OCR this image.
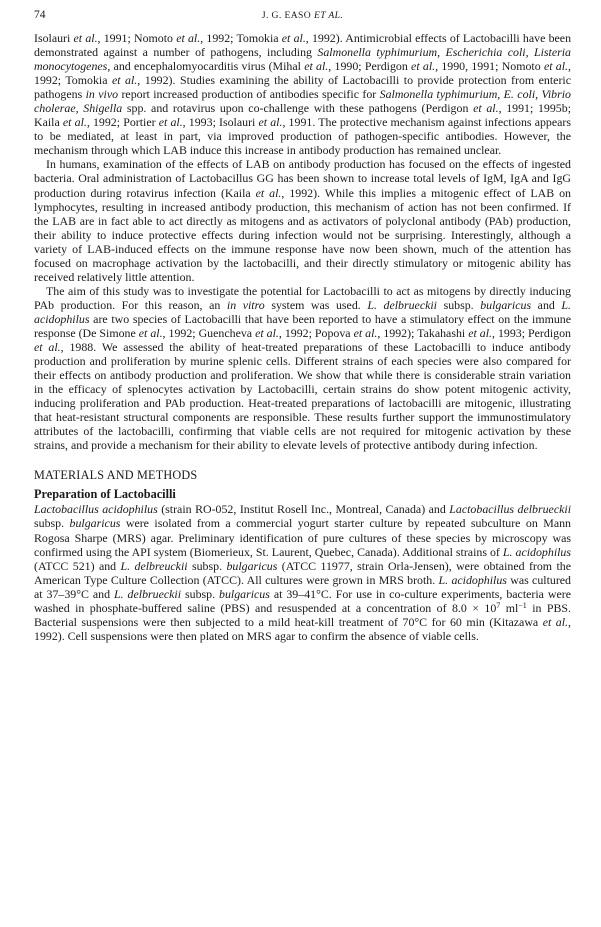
74	J. G. EASO ET AL.

Isolauri et al., 1991; Nomoto et al., 1992; Tomokia et al., 1992). Antimicrobial effects of Lactobacilli have been demonstrated against a number of pathogens, including Salmonella typhimurium, Escherichia coli, Listeria monocytogenes, and encephalomyocarditis virus (Mihal et al., 1990; Perdigon et al., 1990, 1991; Nomoto et al., 1992; Tomokia et al., 1992). Studies examining the ability of Lactobacilli to provide protection from enteric pathogens in vivo report increased production of antibodies specific for Salmonella typhimurium, E. coli, Vibrio cholerae, Shigella spp. and rotavirus upon co-challenge with these pathogens (Perdigon et al., 1991; 1995b; Kaila et al., 1992; Portier et al., 1993; Isolauri et al., 1991. The protective mechanism against infections appears to be mediated, at least in part, via improved production of pathogen-specific antibodies. However, the mechanism through which LAB induce this increase in antibody production has remained unclear.

In humans, examination of the effects of LAB on antibody production has focused on the effects of ingested bacteria. Oral administration of Lactobacillus GG has been shown to increase total levels of IgM, IgA and IgG production during rotavirus infection (Kaila et al., 1992). While this implies a mitogenic effect of LAB on lymphocytes, resulting in increased antibody production, this mechanism of action has not been confirmed. If the LAB are in fact able to act directly as mitogens and as activators of polyclonal antibody (PAb) production, their ability to induce protective effects during infection would not be surprising. Interestingly, although a variety of LAB-induced effects on the immune response have now been shown, much of the attention has focused on macrophage activation by the lactobacilli, and their directly stimulatory or mitogenic ability has received relatively little attention.

The aim of this study was to investigate the potential for Lactobacilli to act as mitogens by directly inducing PAb production. For this reason, an in vitro system was used. L. delbrueckii subsp. bulgaricus and L. acidophilus are two species of Lactobacilli that have been reported to have a stimulatory effect on the immune response (De Simone et al., 1992; Guencheva et al., 1992; Popova et al., 1992); Takahashi et al., 1993; Perdigon et al., 1988. We assessed the ability of heat-treated preparations of these Lactobacilli to induce antibody production and proliferation by murine splenic cells. Different strains of each species were also compared for their effects on antibody production and proliferation. We show that while there is considerable strain variation in the efficacy of splenocytes activation by Lactobacilli, certain strains do show potent mitogenic activity, inducing proliferation and PAb production. Heat-treated preparations of lactobacilli are mitogenic, illustrating that heat-resistant structural components are responsible. These results further support the immunostimulatory attributes of the lactobacilli, confirming that viable cells are not required for mitogenic activation by these strains, and provide a mechanism for their ability to elevate levels of protective antibody during infection.

MATERIALS AND METHODS
Preparation of Lactobacilli

Lactobacillus acidophilus (strain RO-052, Institut Rosell Inc., Montreal, Canada) and Lactobacillus delbrueckii subsp. bulgaricus were isolated from a commercial yogurt starter culture by repeated subculture on Mann Rogosa Sharpe (MRS) agar. Preliminary identification of pure cultures of these species by microscopy was confirmed using the API system (Biomerieux, St. Laurent, Quebec, Canada). Additional strains of L. acidophilus (ATCC 521) and L. delbreuckii subsp. bulgaricus (ATCC 11977, strain Orla-Jensen), were obtained from the American Type Culture Collection (ATCC). All cultures were grown in MRS broth. L. acidophilus was cultured at 37–39°C and L. delbrueckii subsp. bulgaricus at 39–41°C. For use in co-culture experiments, bacteria were washed in phosphate-buffered saline (PBS) and resuspended at a concentration of $8.0 \times 10^7$ $ml^{-1}$ in PBS. Bacterial suspensions were then subjected to a mild heat-kill treatment of 70°C for 60 min (Kitazawa et al., 1992). Cell suspensions were then plated on MRS agar to confirm the absence of viable cells.
